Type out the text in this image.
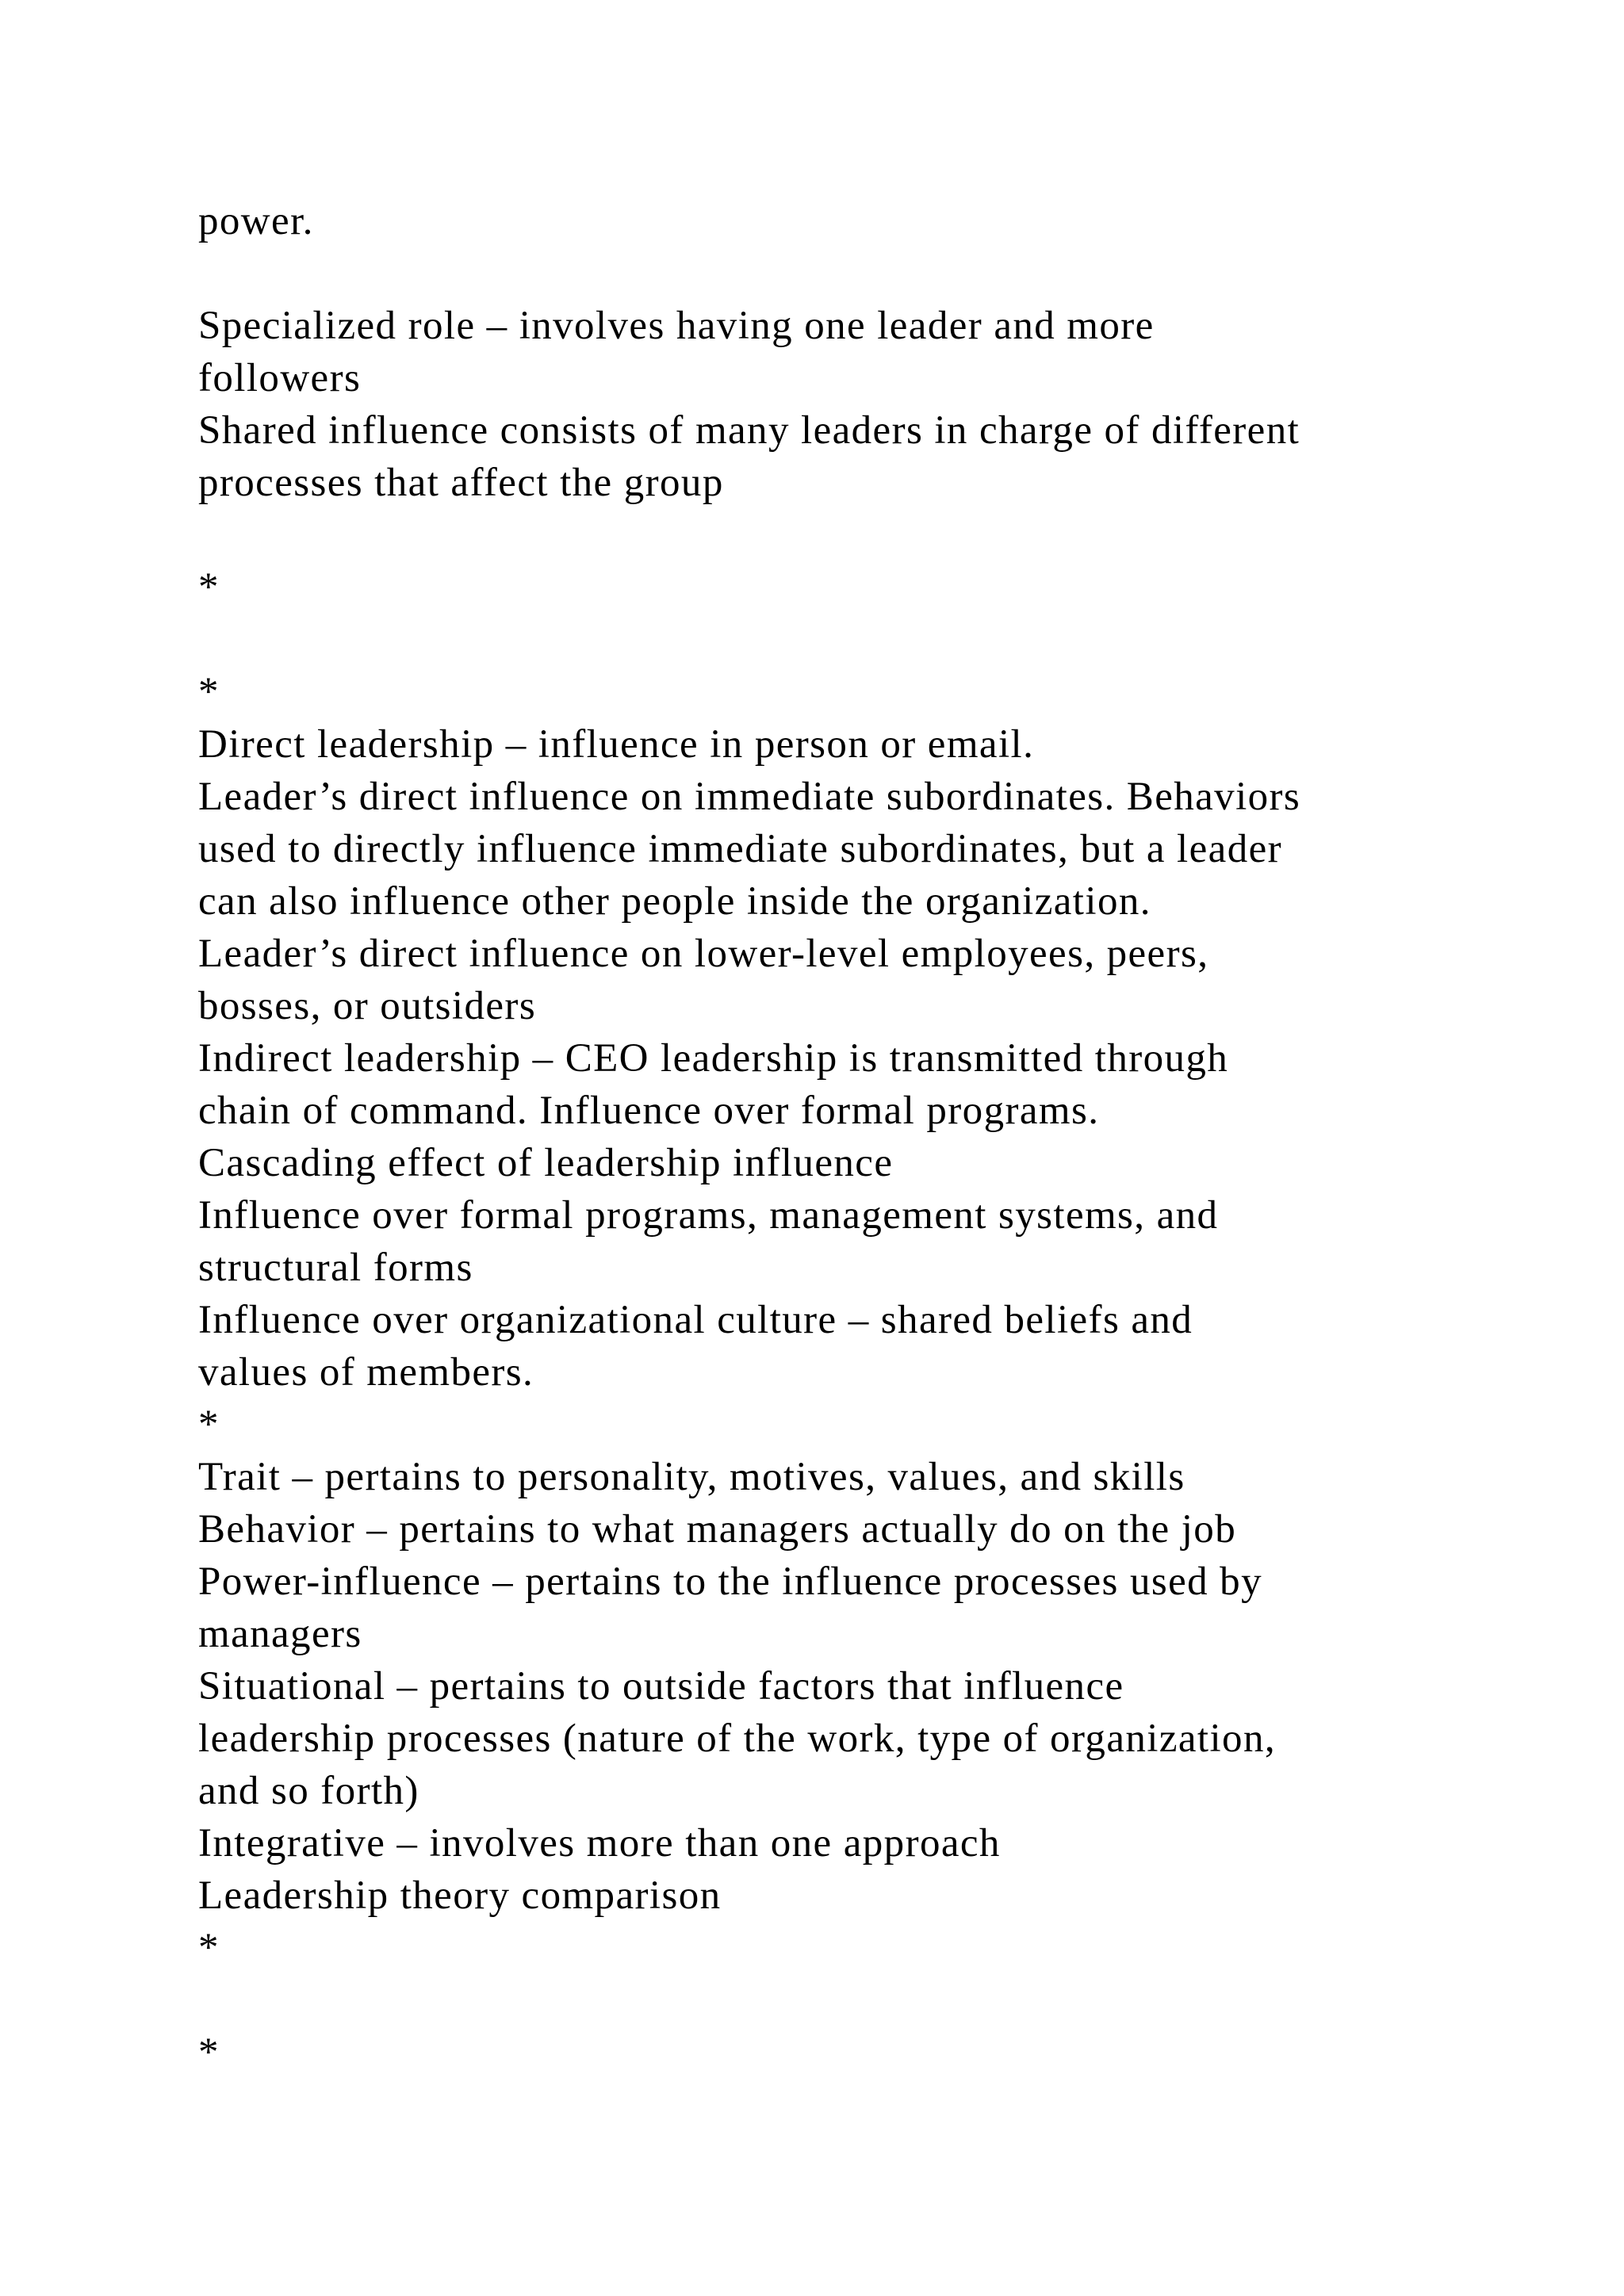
power.
Specialized role – involves having one leader and more
followers
Shared influence consists of many leaders in charge of different
processes that affect the group
*
*
Direct leadership – influence in person or email.
Leader’s direct influence on immediate subordinates. Behaviors
used to directly influence immediate subordinates, but a leader
can also influence other people inside the organization.
Leader’s direct influence on lower-level employees, peers,
bosses, or outsiders
Indirect leadership – CEO leadership is transmitted through
chain of command. Influence over formal programs.
Cascading effect of leadership influence
Influence over formal programs, management systems, and
structural forms
Influence over organizational culture – shared beliefs and
values of members.
*
Trait – pertains to personality, motives, values, and skills
Behavior – pertains to what managers actually do on the job
Power-influence – pertains to the influence processes used by
managers
Situational – pertains to outside factors that influence
leadership processes (nature of the work, type of organization,
and so forth)
Integrative – involves more than one approach
Leadership theory comparison
*
*
